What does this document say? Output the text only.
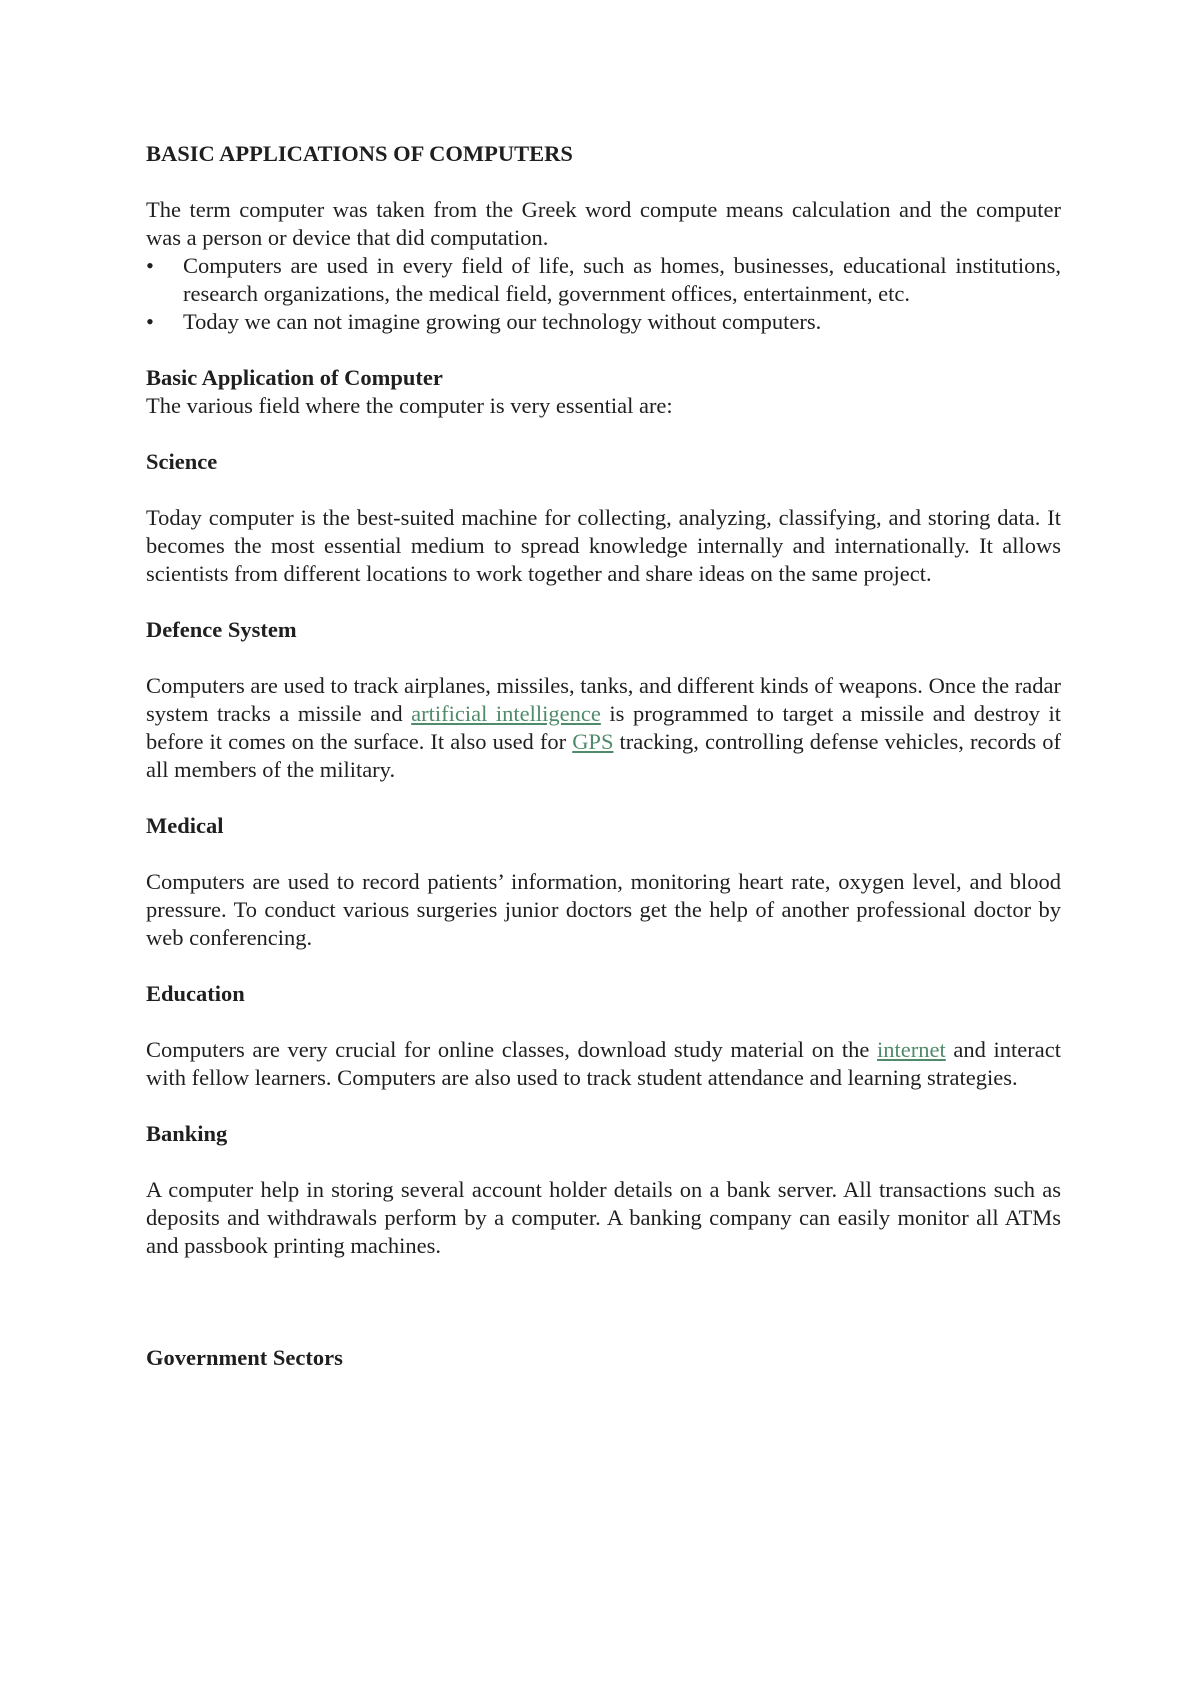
BASIC APPLICATIONS OF COMPUTERS

The term computer was taken from the Greek word compute means calculation and the computer was a person or device that did computation.

• Computers are used in every field of life, such as homes, businesses, educational institutions, research organizations, the medical field, government offices, entertainment, etc.
• Today we can not imagine growing our technology without computers.
Basic Application of Computer

The various field where the computer is very essential are:

Science

Today computer is the best-suited machine for collecting, analyzing, classifying, and storing data. It becomes the most essential medium to spread knowledge internally and internationally. It allows scientists from different locations to work together and share ideas on the same project.

Defence System

Computers are used to track airplanes, missiles, tanks, and different kinds of weapons. Once the radar system tracks a missile and artificial intelligence is programmed to target a missile and destroy it before it comes on the surface. It also used for GPS tracking, controlling defense vehicles, records of all members of the military.

Medical

Computers are used to record patients’ information, monitoring heart rate, oxygen level, and blood pressure. To conduct various surgeries junior doctors get the help of another professional doctor by web conferencing.

Education

Computers are very crucial for online classes, download study material on the internet and interact with fellow learners. Computers are also used to track student attendance and learning strategies.

Banking

A computer help in storing several account holder details on a bank server. All transactions such as deposits and withdrawals perform by a computer. A banking company can easily monitor all ATMs and passbook printing machines.

Government Sectors
